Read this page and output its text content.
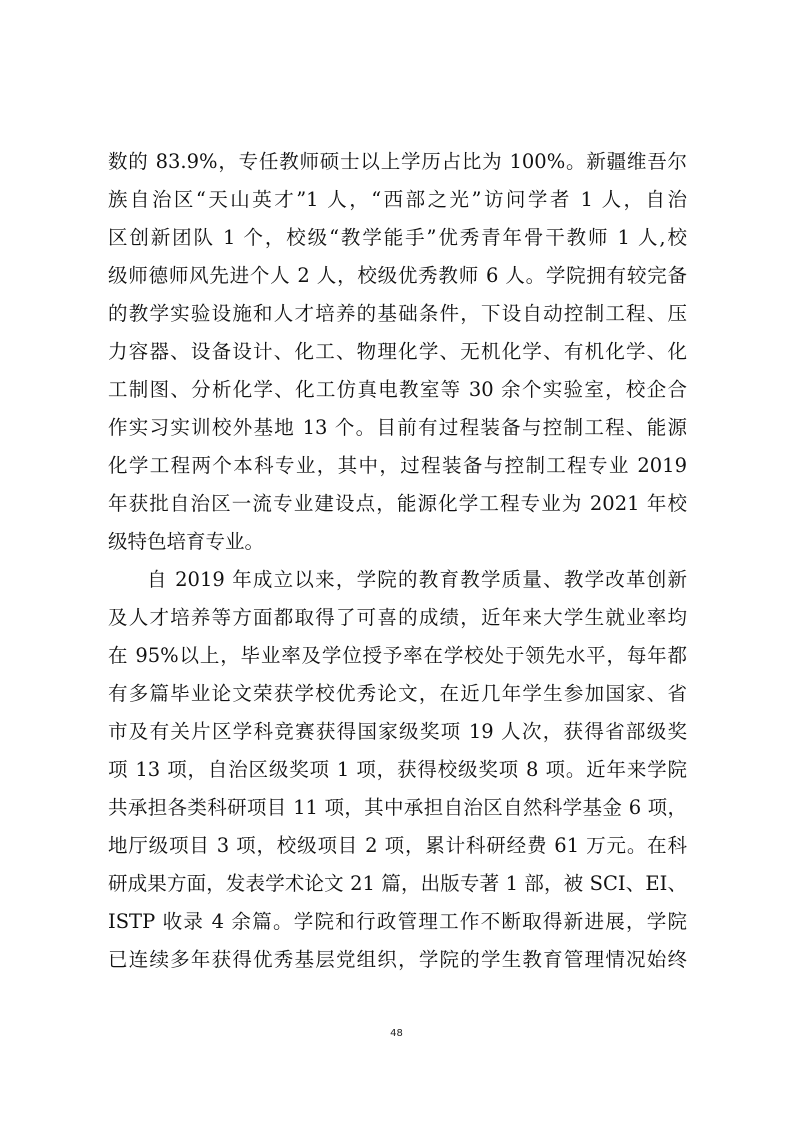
数的 83.9%，专任教师硕士以上学历占比为 100%。新疆维吾尔
族自治区“天山英才”1 人，“西部之光”访问学者 1 人，自治
区创新团队 1 个，校级“教学能手”优秀青年骨干教师 1 人,校
级师德师风先进个人 2 人，校级优秀教师 6 人。学院拥有较完备
的教学实验设施和人才培养的基础条件，下设自动控制工程、压
力容器、设备设计、化工、物理化学、无机化学、有机化学、化
工制图、分析化学、化工仿真电教室等 30 余个实验室，校企合
作实习实训校外基地 13 个。目前有过程装备与控制工程、能源
化学工程两个本科专业，其中，过程装备与控制工程专业 2019
年获批自治区一流专业建设点，能源化学工程专业为 2021 年校
级特色培育专业。
自 2019 年成立以来，学院的教育教学质量、教学改革创新
及人才培养等方面都取得了可喜的成绩，近年来大学生就业率均
在 95%以上，毕业率及学位授予率在学校处于领先水平，每年都
有多篇毕业论文荣获学校优秀论文，在近几年学生参加国家、省
市及有关片区学科竞赛获得国家级奖项 19 人次，获得省部级奖
项 13 项，自治区级奖项 1 项，获得校级奖项 8 项。近年来学院
共承担各类科研项目 11 项，其中承担自治区自然科学基金 6 项，
地厅级项目 3 项，校级项目 2 项，累计科研经费 61 万元。在科
研成果方面，发表学术论文 21 篇，出版专著 1 部，被 SCI、EI、
ISTP 收录 4 余篇。学院和行政管理工作不断取得新进展，学院
已连续多年获得优秀基层党组织，学院的学生教育管理情况始终
48
